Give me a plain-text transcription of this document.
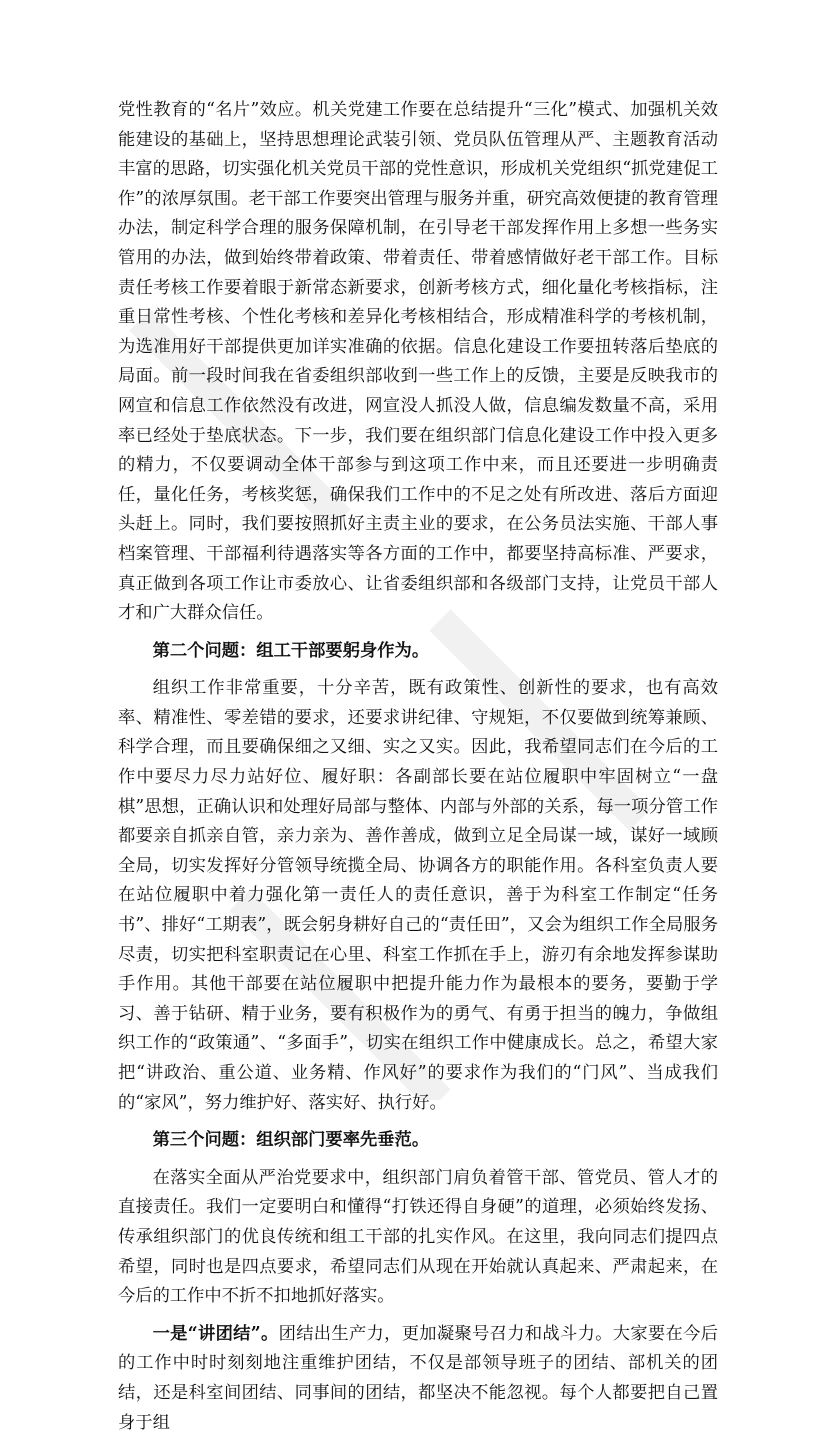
党性教育的“名片”效应。机关党建工作要在总结提升“三化”模式、加强机关效能建设的基础上，坚持思想理论武装引领、党员队伍管理从严、主题教育活动丰富的思路，切实强化机关党员干部的党性意识，形成机关党组织“抓党建促工作”的浓厚氛围。老干部工作要突出管理与服务并重，研究高效便捷的教育管理办法，制定科学合理的服务保障机制，在引导老干部发挥作用上多想一些务实管用的办法，做到始终带着政策、带着责任、带着感情做好老干部工作。目标责任考核工作要着眼于新常态新要求，创新考核方式，细化量化考核指标，注重日常性考核、个性化考核和差异化考核相结合，形成精准科学的考核机制，为选准用好干部提供更加详实准确的依据。信息化建设工作要扭转落后垫底的局面。前一段时间我在省委组织部收到一些工作上的反馈，主要是反映我市的网宣和信息工作依然没有改进，网宣没人抓没人做，信息编发数量不高，采用率已经处于垫底状态。下一步，我们要在组织部门信息化建设工作中投入更多的精力，不仅要调动全体干部参与到这项工作中来，而且还要进一步明确责任，量化任务，考核奖惩，确保我们工作中的不足之处有所改进、落后方面迎头赶上。同时，我们要按照抓好主责主业的要求，在公务员法实施、干部人事档案管理、干部福利待遇落实等各方面的工作中，都要坚持高标准、严要求，真正做到各项工作让市委放心、让省委组织部和各级部门支持，让党员干部人才和广大群众信任。

第二个问题：组工干部要躬身作为。

组织工作非常重要，十分辛苦，既有政策性、创新性的要求，也有高效率、精准性、零差错的要求，还要求讲纪律、守规矩，不仅要做到统筹兼顾、科学合理，而且要确保细之又细、实之又实。因此，我希望同志们在今后的工作中要尽力尽力站好位、履好职：各副部长要在站位履职中牢固树立“一盘棋”思想，正确认识和处理好局部与整体、内部与外部的关系，每一项分管工作都要亲自抓亲自管，亲力亲为、善作善成，做到立足全局谋一域，谋好一域顾全局，切实发挥好分管领导统揽全局、协调各方的职能作用。各科室负责人要在站位履职中着力强化第一责任人的责任意识，善于为科室工作制定“任务书”、排好“工期表”，既会躬身耕好自己的“责任田”，又会为组织工作全局服务尽责，切实把科室职责记在心里、科室工作抓在手上，游刃有余地发挥参谋助手作用。其他干部要在站位履职中把提升能力作为最根本的要务，要勤于学习、善于钻研、精于业务，要有积极作为的勇气、有勇于担当的魄力，争做组织工作的“政策通”、“多面手”，切实在组织工作中健康成长。总之，希望大家把“讲政治、重公道、业务精、作风好”的要求作为我们的“门风”、当成我们的“家风”，努力维护好、落实好、执行好。

第三个问题：组织部门要率先垂范。

在落实全面从严治党要求中，组织部门肩负着管干部、管党员、管人才的直接责任。我们一定要明白和懂得“打铁还得自身硬”的道理，必须始终发扬、传承组织部门的优良传统和组工干部的扎实作风。在这里，我向同志们提四点希望，同时也是四点要求，希望同志们从现在开始就认真起来、严肃起来，在今后的工作中不折不扣地抓好落实。

一是“讲团结”。团结出生产力，更加凝聚号召力和战斗力。大家要在今后的工作中时时刻刻地注重维护团结，不仅是部领导班子的团结、部机关的团结，还是科室间团结、同事间的团结，都坚决不能忽视。每个人都要把自己置身于组
